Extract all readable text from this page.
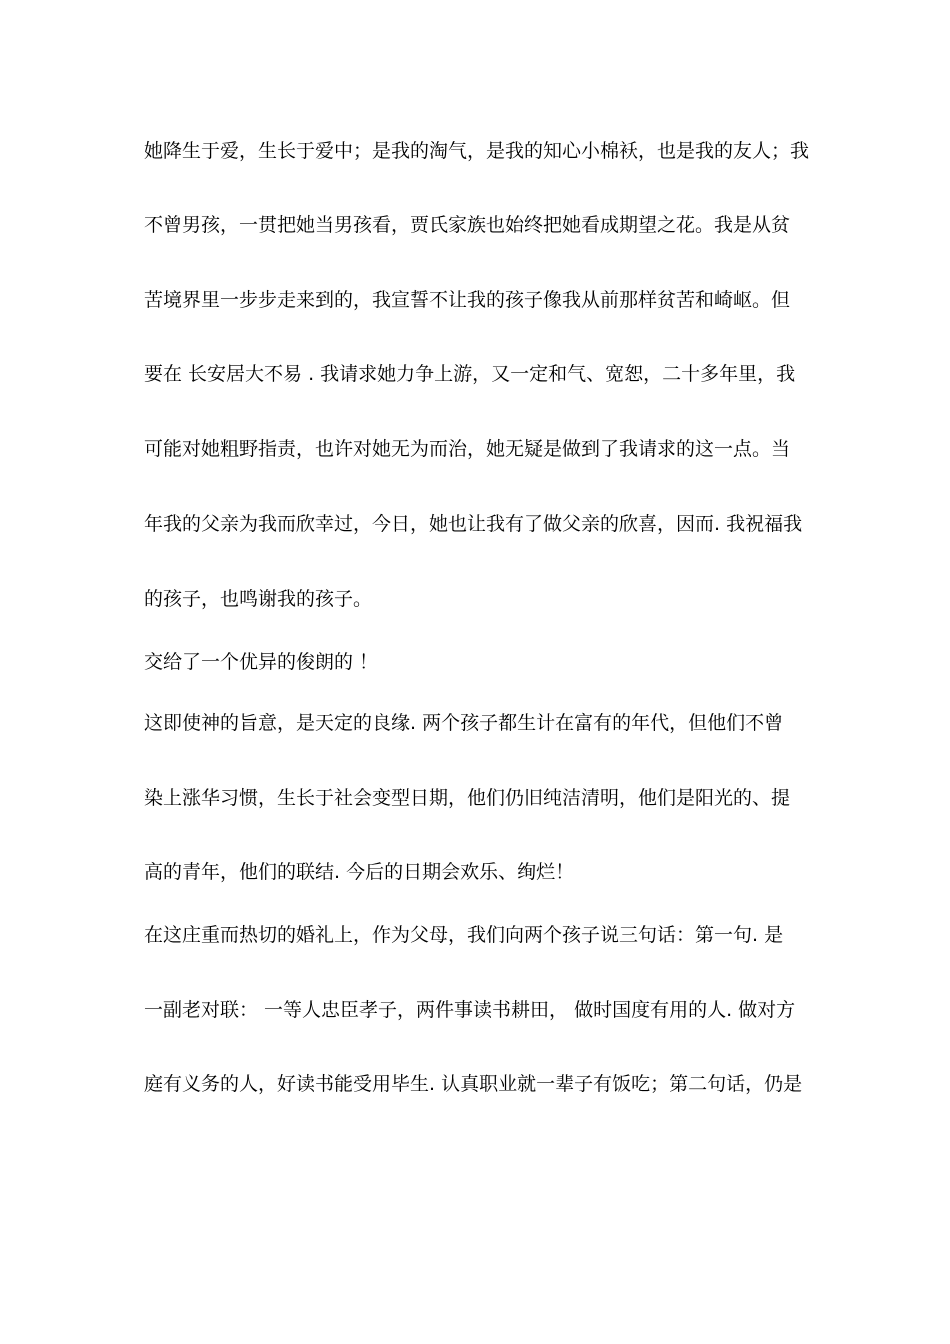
她降生于爱，生长于爱中；是我的淘气，是我的知心小棉袄，也是我的友人；我
不曾男孩，一贯把她当男孩看，贾氏家族也始终把她看成期望之花。我是从贫
苦境界里一步步走来到的，我宣誓不让我的孩子像我从前那样贫苦和崎岖。但
要在 长安居大不易 . 我请求她力争上游，又一定和气、宽恕，二十多年里，我
可能对她粗野指责，也许对她无为而治，她无疑是做到了我请求的这一点。当
年我的父亲为我而欣幸过，今日，她也让我有了做父亲的欣喜，因而. 我祝福我
的孩子，也鸣谢我的孩子。
交给了一个优异的俊朗的 ！
这即使神的旨意，是天定的良缘. 两个孩子都生计在富有的年代，但他们不曾
染上涨华习惯，生长于社会变型日期，他们仍旧纯洁清明，他们是阳光的、提
高的青年，他们的联结. 今后的日期会欢乐、绚烂！
在这庄重而热切的婚礼上，作为父母，我们向两个孩子说三句话：第一句. 是
一副老对联： 一等人忠臣孝子，两件事读书耕田， 做时国度有用的人. 做对方
庭有义务的人，好读书能受用毕生. 认真职业就一辈子有饭吃；第二句话，仍是
